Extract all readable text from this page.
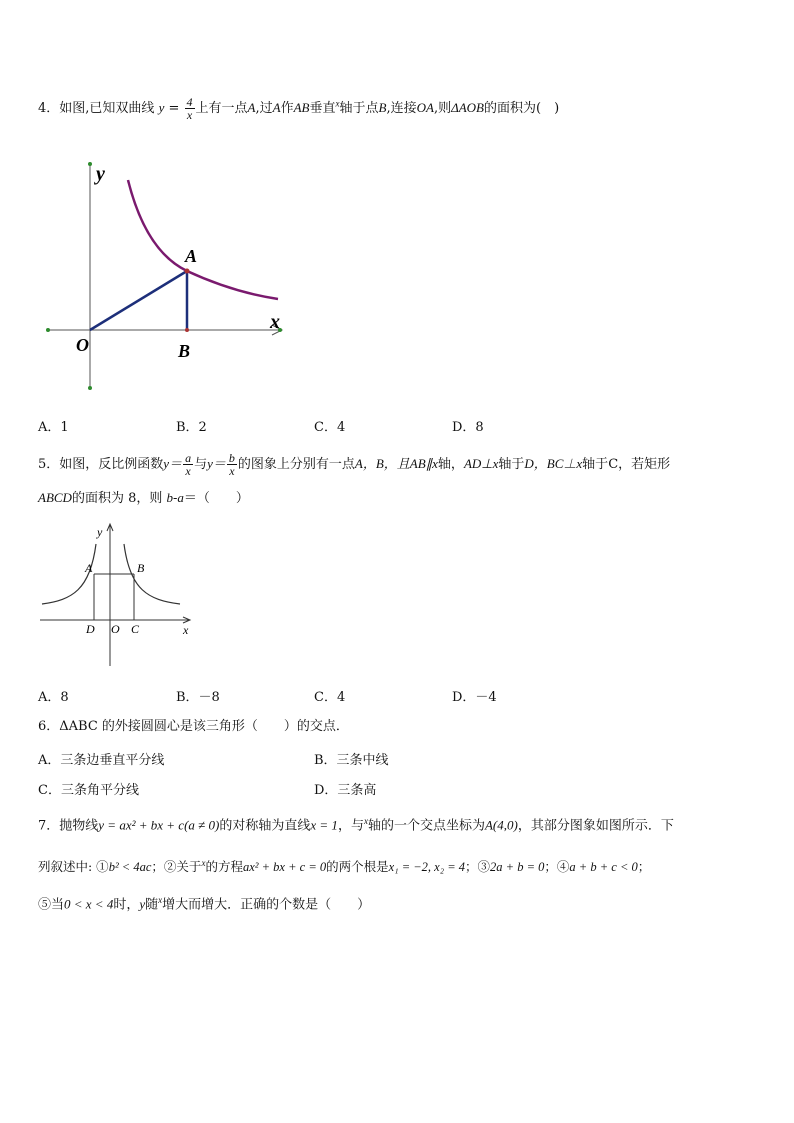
4．如图,已知双曲线 $y = \frac{4}{x}$ 上有一点A,过A作AB垂直$^x$轴于点B,连接OA,则ΔAOB的面积为(　)
y
x
O
A
B
A．1	B．2	C．4	D．8
5．如图，反比例函数$y= \frac{a}{x}$ 与$y= \frac{b}{x}$ 的图象上分别有一点A，B，且AB∥x轴，AD⊥x轴于D，BC⊥x轴于C，若矩形
ABCD的面积为 8，则 b-a＝（　　）
y
x
A	B
D O C
A．8	B．－8	C．4	D．－4
6．ΔABC 的外接圆圆心是该三角形（　　）的交点．
A．三条边垂直平分线	B．三条中线
C．三条角平分线	D．三条高
7．抛物线y = ax² + bx + c(a ≠ 0)的对称轴为直线x = 1，与$^x$轴的一个交点坐标为A(4,0)，其部分图象如图所示．下
列叙述中: ①b² < 4ac；②关于$^x$的方程ax² + bx + c = 0的两个根是x₁ = −2, x₂ = 4；③2a + b = 0；④a + b + c < 0；
⑤当0 < x < 4时，y随$^x$增大而增大．正确的个数是（　　）
